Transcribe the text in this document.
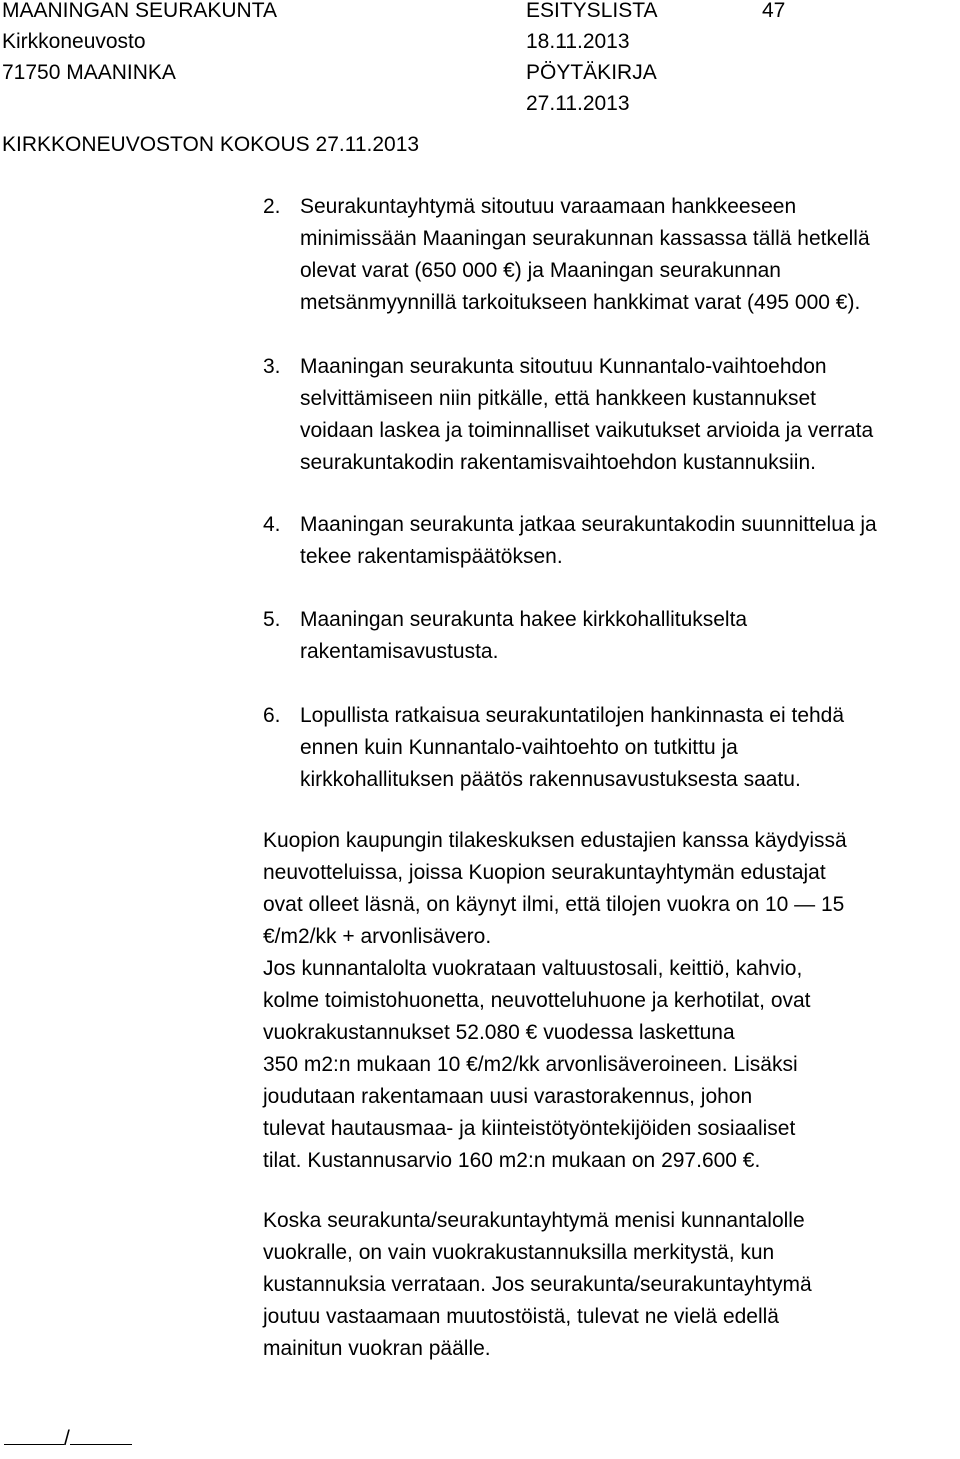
MAANINGAN SEURAKUNTA
Kirkkoneuvosto
71750 MAANINKA
ESITYSLISTA
18.11.2013
PÖYTÄKIRJA
27.11.2013
47
KIRKKONEUVOSTON KOKOUS 27.11.2013
2. Seurakuntayhtymä sitoutuu varaamaan hankkeeseen
minimissään Maaningan seurakunnan kassassa tällä hetkellä
olevat varat (650 000 €) ja Maaningan seurakunnan
metsänmyynnillä tarkoitukseen hankkimat varat (495 000 €).
3. Maaningan seurakunta sitoutuu Kunnantalo-vaihtoehdon
selvittämiseen niin pitkälle, että hankkeen kustannukset
voidaan laskea ja toiminnalliset vaikutukset arvioida ja verrata
seurakuntakodin rakentamisvaihtoehdon kustannuksiin.
4. Maaningan seurakunta jatkaa seurakuntakodin suunnittelua ja
tekee rakentamispäätöksen.
5. Maaningan seurakunta hakee kirkkohallitukselta
rakentamisavustusta.
6. Lopullista ratkaisua seurakuntatilojen hankinnasta ei tehdä
ennen kuin Kunnantalo-vaihtoehto on tutkittu ja
kirkkohallituksen päätös rakennusavustuksesta saatu.
Kuopion kaupungin tilakeskuksen edustajien kanssa käydyissä
neuvotteluissa, joissa Kuopion seurakuntayhtymän edustajat
ovat olleet läsnä, on käynyt ilmi, että tilojen vuokra on 10 — 15
€/m2/kk + arvonlisävero.
Jos kunnantalolta vuokrataan valtuustosali, keittiö, kahvio,
kolme toimistohuonetta, neuvotteluhuone ja kerhotilat, ovat
vuokrakustannukset 52.080 € vuodessa laskettuna
350 m2:n mukaan 10 €/m2/kk arvonlisäveroineen. Lisäksi
joudutaan rakentamaan uusi varastorakennus, johon
tulevat hautausmaa- ja kiinteistötyöntekijöiden sosiaaliset
tilat. Kustannusarvio 160 m2:n mukaan on 297.600 €.
Koska seurakunta/seurakuntayhtymä menisi kunnantalolle
vuokralle, on vain vuokrakustannuksilla merkitystä, kun
kustannuksia verrataan. Jos seurakunta/seurakuntayhtymä
joutuu vastaamaan muutostöistä, tulevat ne vielä edellä
mainitun vuokran päälle.
/
